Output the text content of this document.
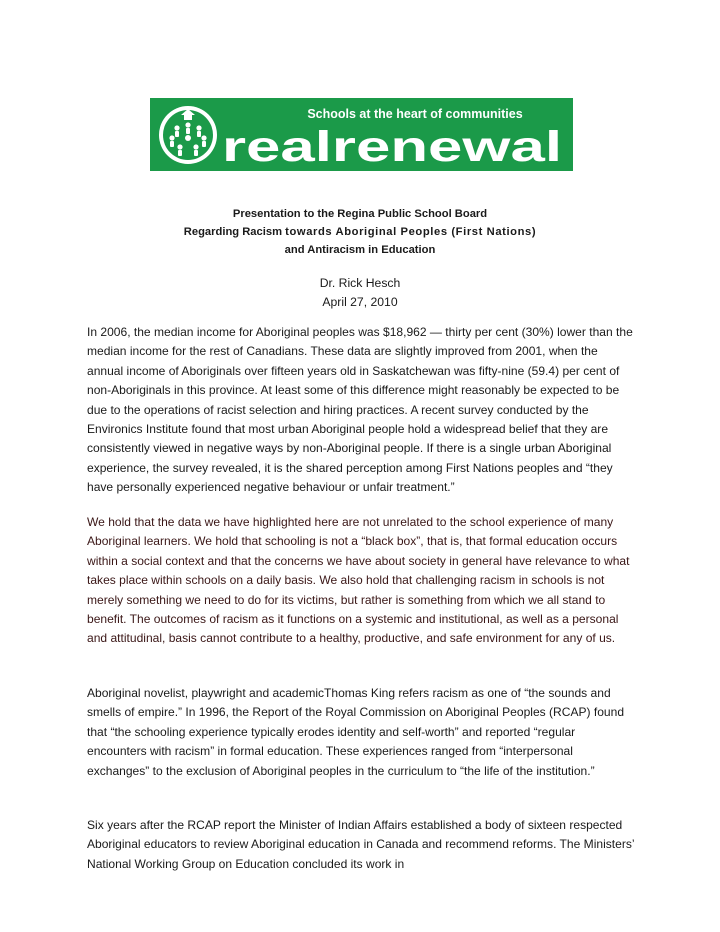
Schools at the heart of communities
realrenewal
Presentation to the Regina Public School Board
Regarding Racism towards Aboriginal Peoples (First Nations)
and Antiracism in Education
Dr. Rick Hesch
April 27, 2010

In 2006, the median income for Aboriginal peoples was $18,962 — thirty per cent (30%) lower than the median income for the rest of Canadians. These data are slightly improved from 2001, when the annual income of Aboriginals over fifteen years old in Saskatchewan was fifty-nine (59.4) per cent of non-Aboriginals in this province. At least some of this difference might reasonably be expected to be due to the operations of racist selection and hiring practices. A recent survey conducted by the Environics Institute found that most urban Aboriginal people hold a widespread belief that they are consistently viewed in negative ways by non-Aboriginal people. If there is a single urban Aboriginal experience, the survey revealed, it is the shared perception among First Nations peoples and “they have personally experienced negative behaviour or unfair treatment.”

We hold that the data we have highlighted here are not unrelated to the school experience of many Aboriginal learners. We hold that schooling is not a “black box”, that is, that formal education occurs within a social context and that the concerns we have about society in general have relevance to what takes place within schools on a daily basis. We also hold that challenging racism in schools is not merely something we need to do for its victims, but rather is something from which we all stand to benefit. The outcomes of racism as it functions on a systemic and institutional, as well as a personal and attitudinal, basis cannot contribute to a healthy, productive, and safe environment for any of us.

Aboriginal novelist, playwright and academicThomas King refers racism as one of “the sounds and smells of empire.” In 1996, the Report of the Royal Commission on Aboriginal Peoples (RCAP) found that “the schooling experience typically erodes identity and self-worth” and reported “regular encounters with racism” in formal education. These experiences ranged from “interpersonal exchanges” to the exclusion of Aboriginal peoples in the curriculum to “the life of the institution.”

Six years after the RCAP report the Minister of Indian Affairs established a body of sixteen respected Aboriginal educators to review Aboriginal education in Canada and recommend reforms. The Ministers’ National Working Group on Education concluded its work in
